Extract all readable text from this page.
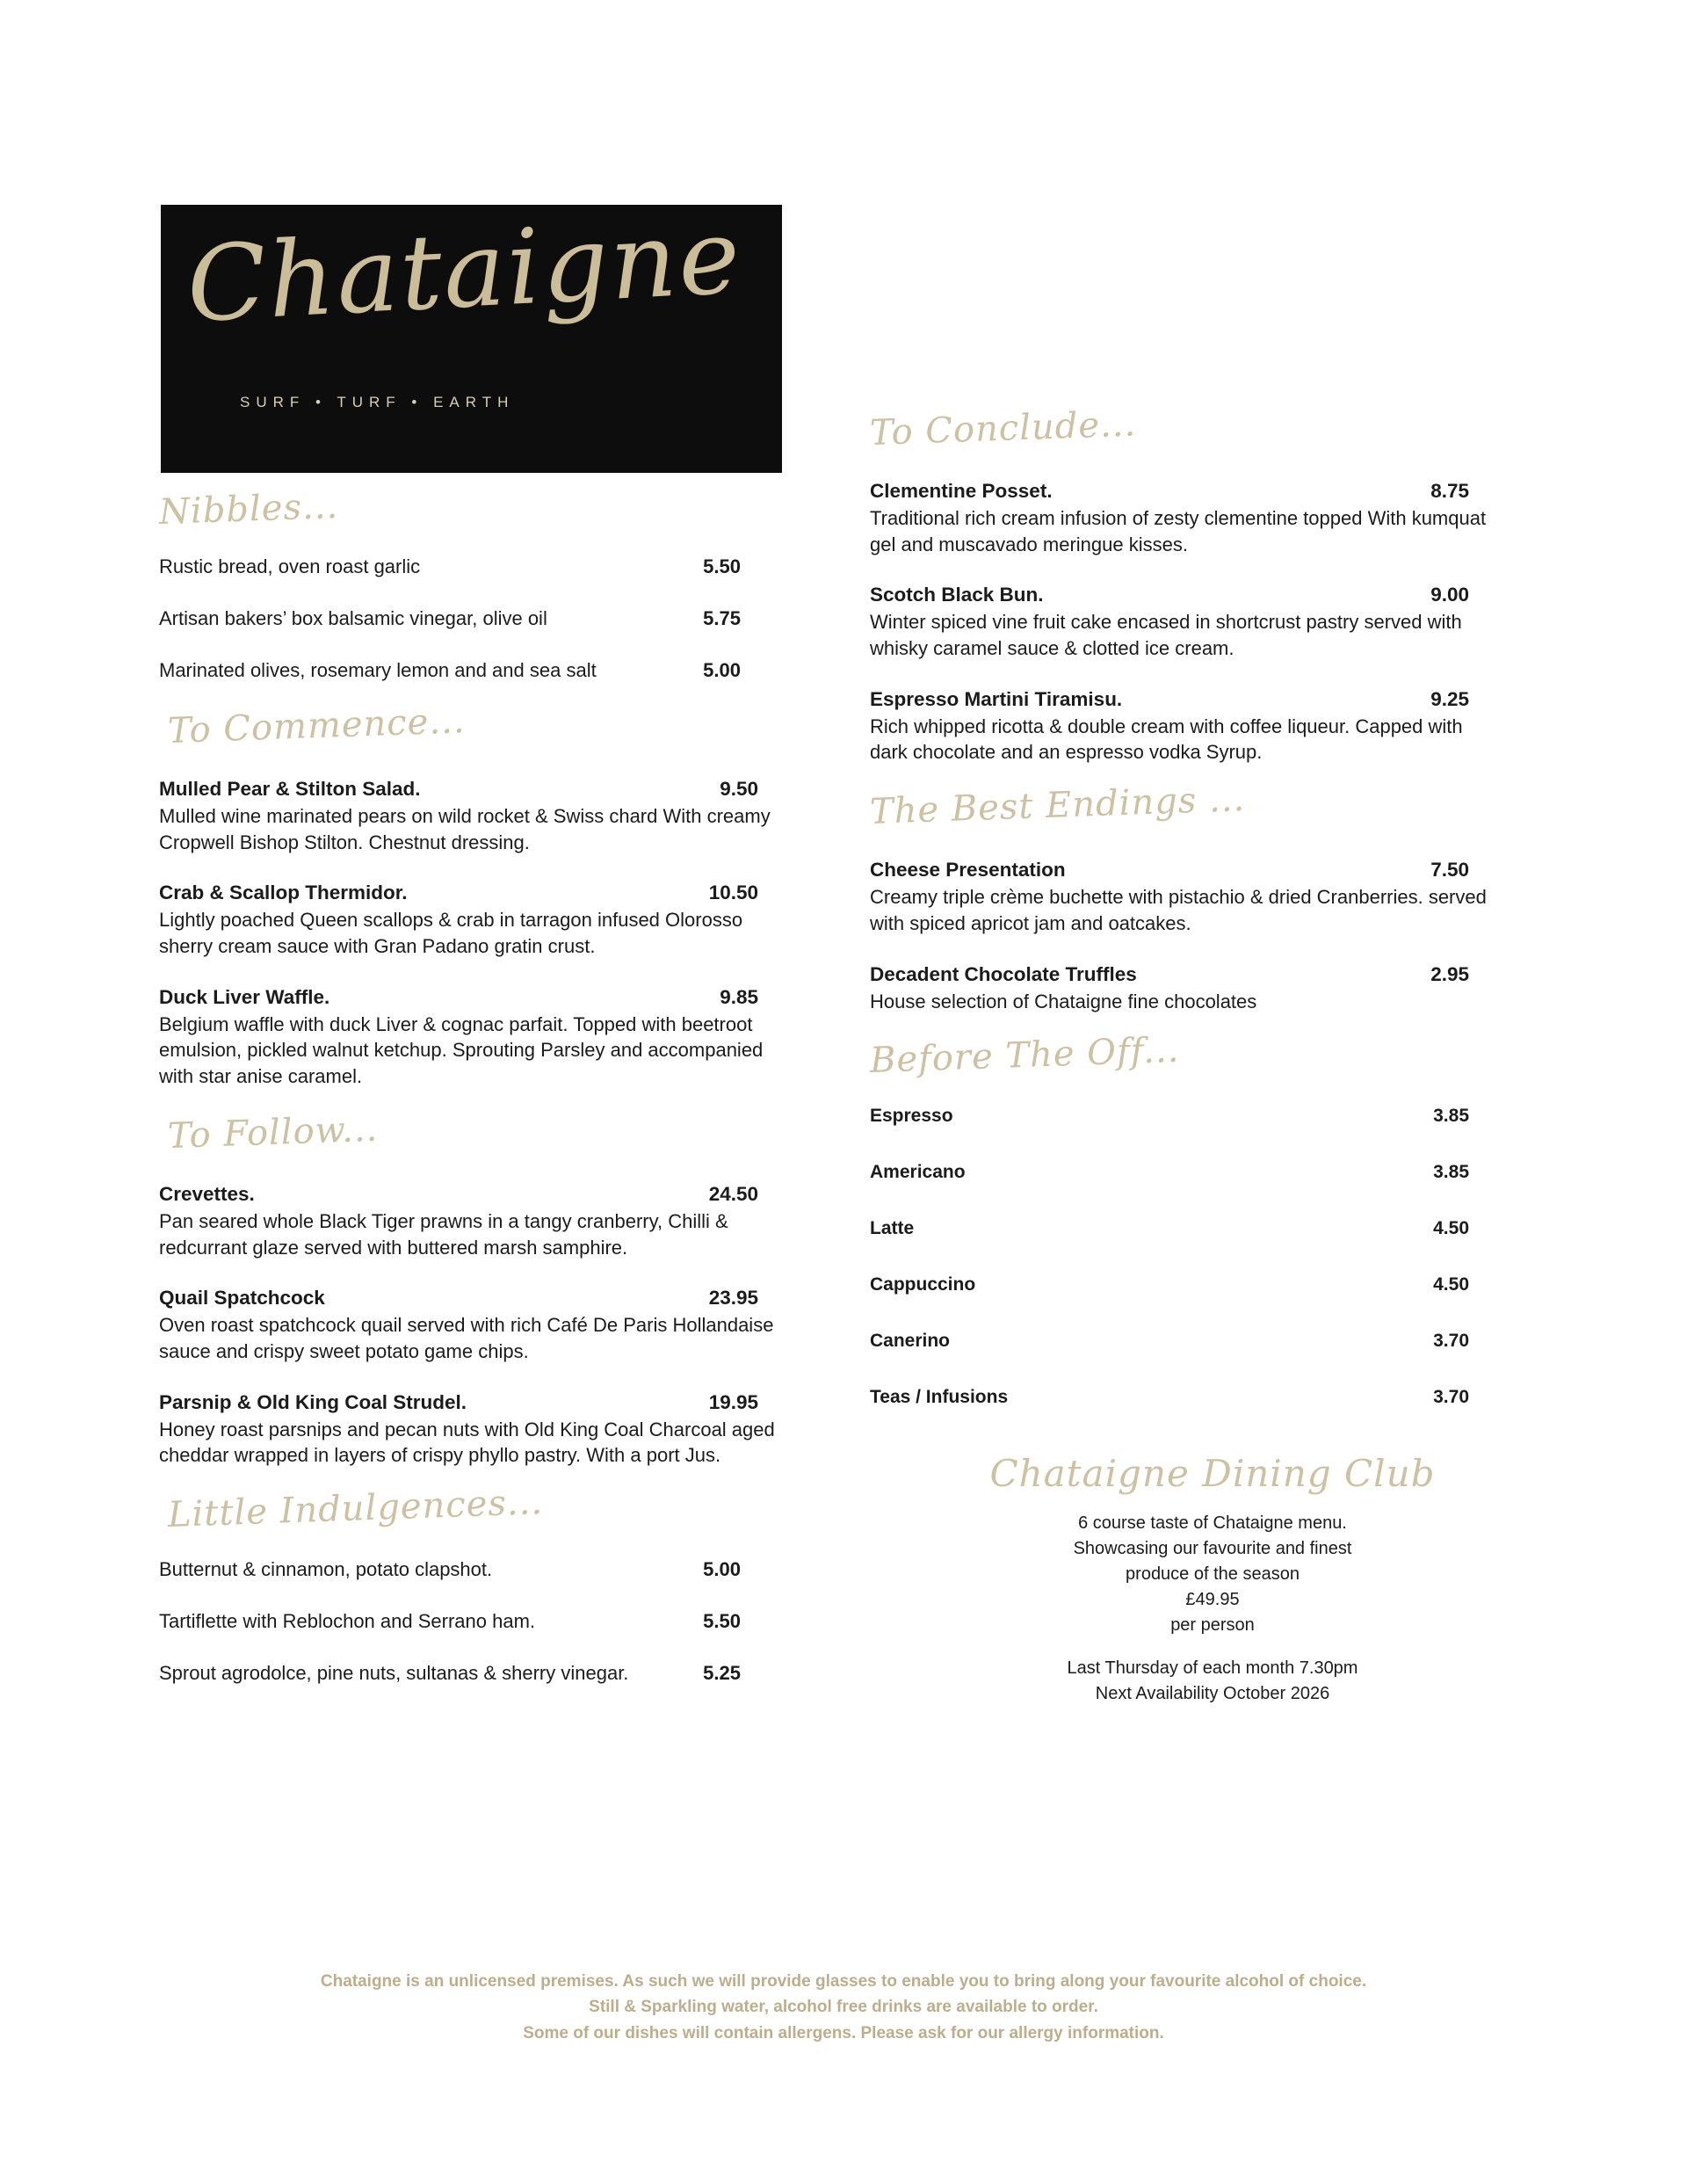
Chataigne
SURF • TURF • EARTH
Nibbles...
Rustic bread, oven roast garlic	5.50
Artisan bakers’ box balsamic vinegar, olive oil	5.75
Marinated olives, rosemary lemon and and sea salt	5.00
To Commence...
Mulled Pear & Stilton Salad.	9.50
Mulled wine marinated pears on wild rocket & Swiss chard With creamy Cropwell Bishop Stilton. Chestnut dressing.
Crab & Scallop Thermidor.	10.50
Lightly poached Queen scallops & crab in tarragon infused Olorosso sherry cream sauce with Gran Padano gratin crust.
Duck Liver Waffle.	9.85
Belgium waffle with duck Liver & cognac parfait. Topped with beetroot emulsion, pickled walnut ketchup. Sprouting Parsley and accompanied with star anise caramel.
To Follow...
Crevettes.	24.50
Pan seared whole Black Tiger prawns in a tangy cranberry, Chilli & redcurrant glaze served with buttered marsh samphire.
Quail Spatchcock	23.95
Oven roast spatchcock quail served with rich Café De Paris Hollandaise sauce and crispy sweet potato game chips.
Parsnip & Old King Coal Strudel.	19.95
Honey roast parsnips and pecan nuts with Old King Coal Charcoal aged cheddar wrapped in layers of crispy phyllo pastry. With a port Jus.
Little Indulgences...
Butternut & cinnamon, potato clapshot.	5.00
Tartiflette with Reblochon and Serrano ham.	5.50
Sprout agrodolce, pine nuts, sultanas & sherry vinegar.	5.25
To Conclude...
Clementine Posset.	8.75
Traditional rich cream infusion of zesty clementine topped With kumquat gel and muscavado meringue kisses.
Scotch Black Bun.	9.00
Winter spiced vine fruit cake encased in shortcrust pastry served with whisky caramel sauce & clotted ice cream.
Espresso Martini Tiramisu.	9.25
Rich whipped ricotta & double cream with coffee liqueur. Capped with dark chocolate and an espresso vodka Syrup.
The Best Endings ...
Cheese Presentation	7.50
Creamy triple crème buchette with pistachio & dried Cranberries. served with spiced apricot jam and oatcakes.
Decadent Chocolate Truffles	2.95
House selection of Chataigne fine chocolates
Before The Off...
Espresso	3.85
Americano	3.85
Latte	4.50
Cappuccino	4.50
Canerino	3.70
Teas / Infusions	3.70
Chataigne Dining Club
6 course taste of Chataigne menu.
Showcasing our favourite and finest
produce of the season
£49.95
per person
Last Thursday of each month 7.30pm
Next Availability October 2026
Chataigne is an unlicensed premises. As such we will provide glasses to enable you to bring along your favourite alcohol of choice.
Still & Sparkling water, alcohol free drinks are available to order.
Some of our dishes will contain allergens. Please ask for our allergy information.
